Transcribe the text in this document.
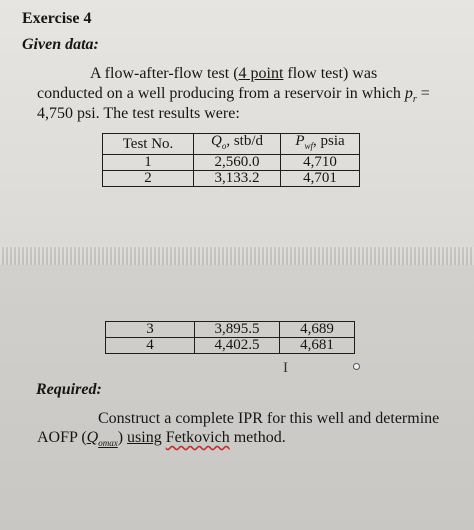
Exercise 4
Given data:
A flow-after-flow test (4 point flow test) was
conducted on a well producing from a reservoir in which $p_r$ =
4,750 psi. The test results were:
Test No.	$Q_o$, stb/d	$P_{wf}$, psia
1	2,560.0	4,710
2	3,133.2	4,701
3	3,895.5	4,689
4	4,402.5	4,681
I
Required:
Construct a complete IPR for this well and determine
AOFP $(Q_{omax})$ using Fetkovich method.
